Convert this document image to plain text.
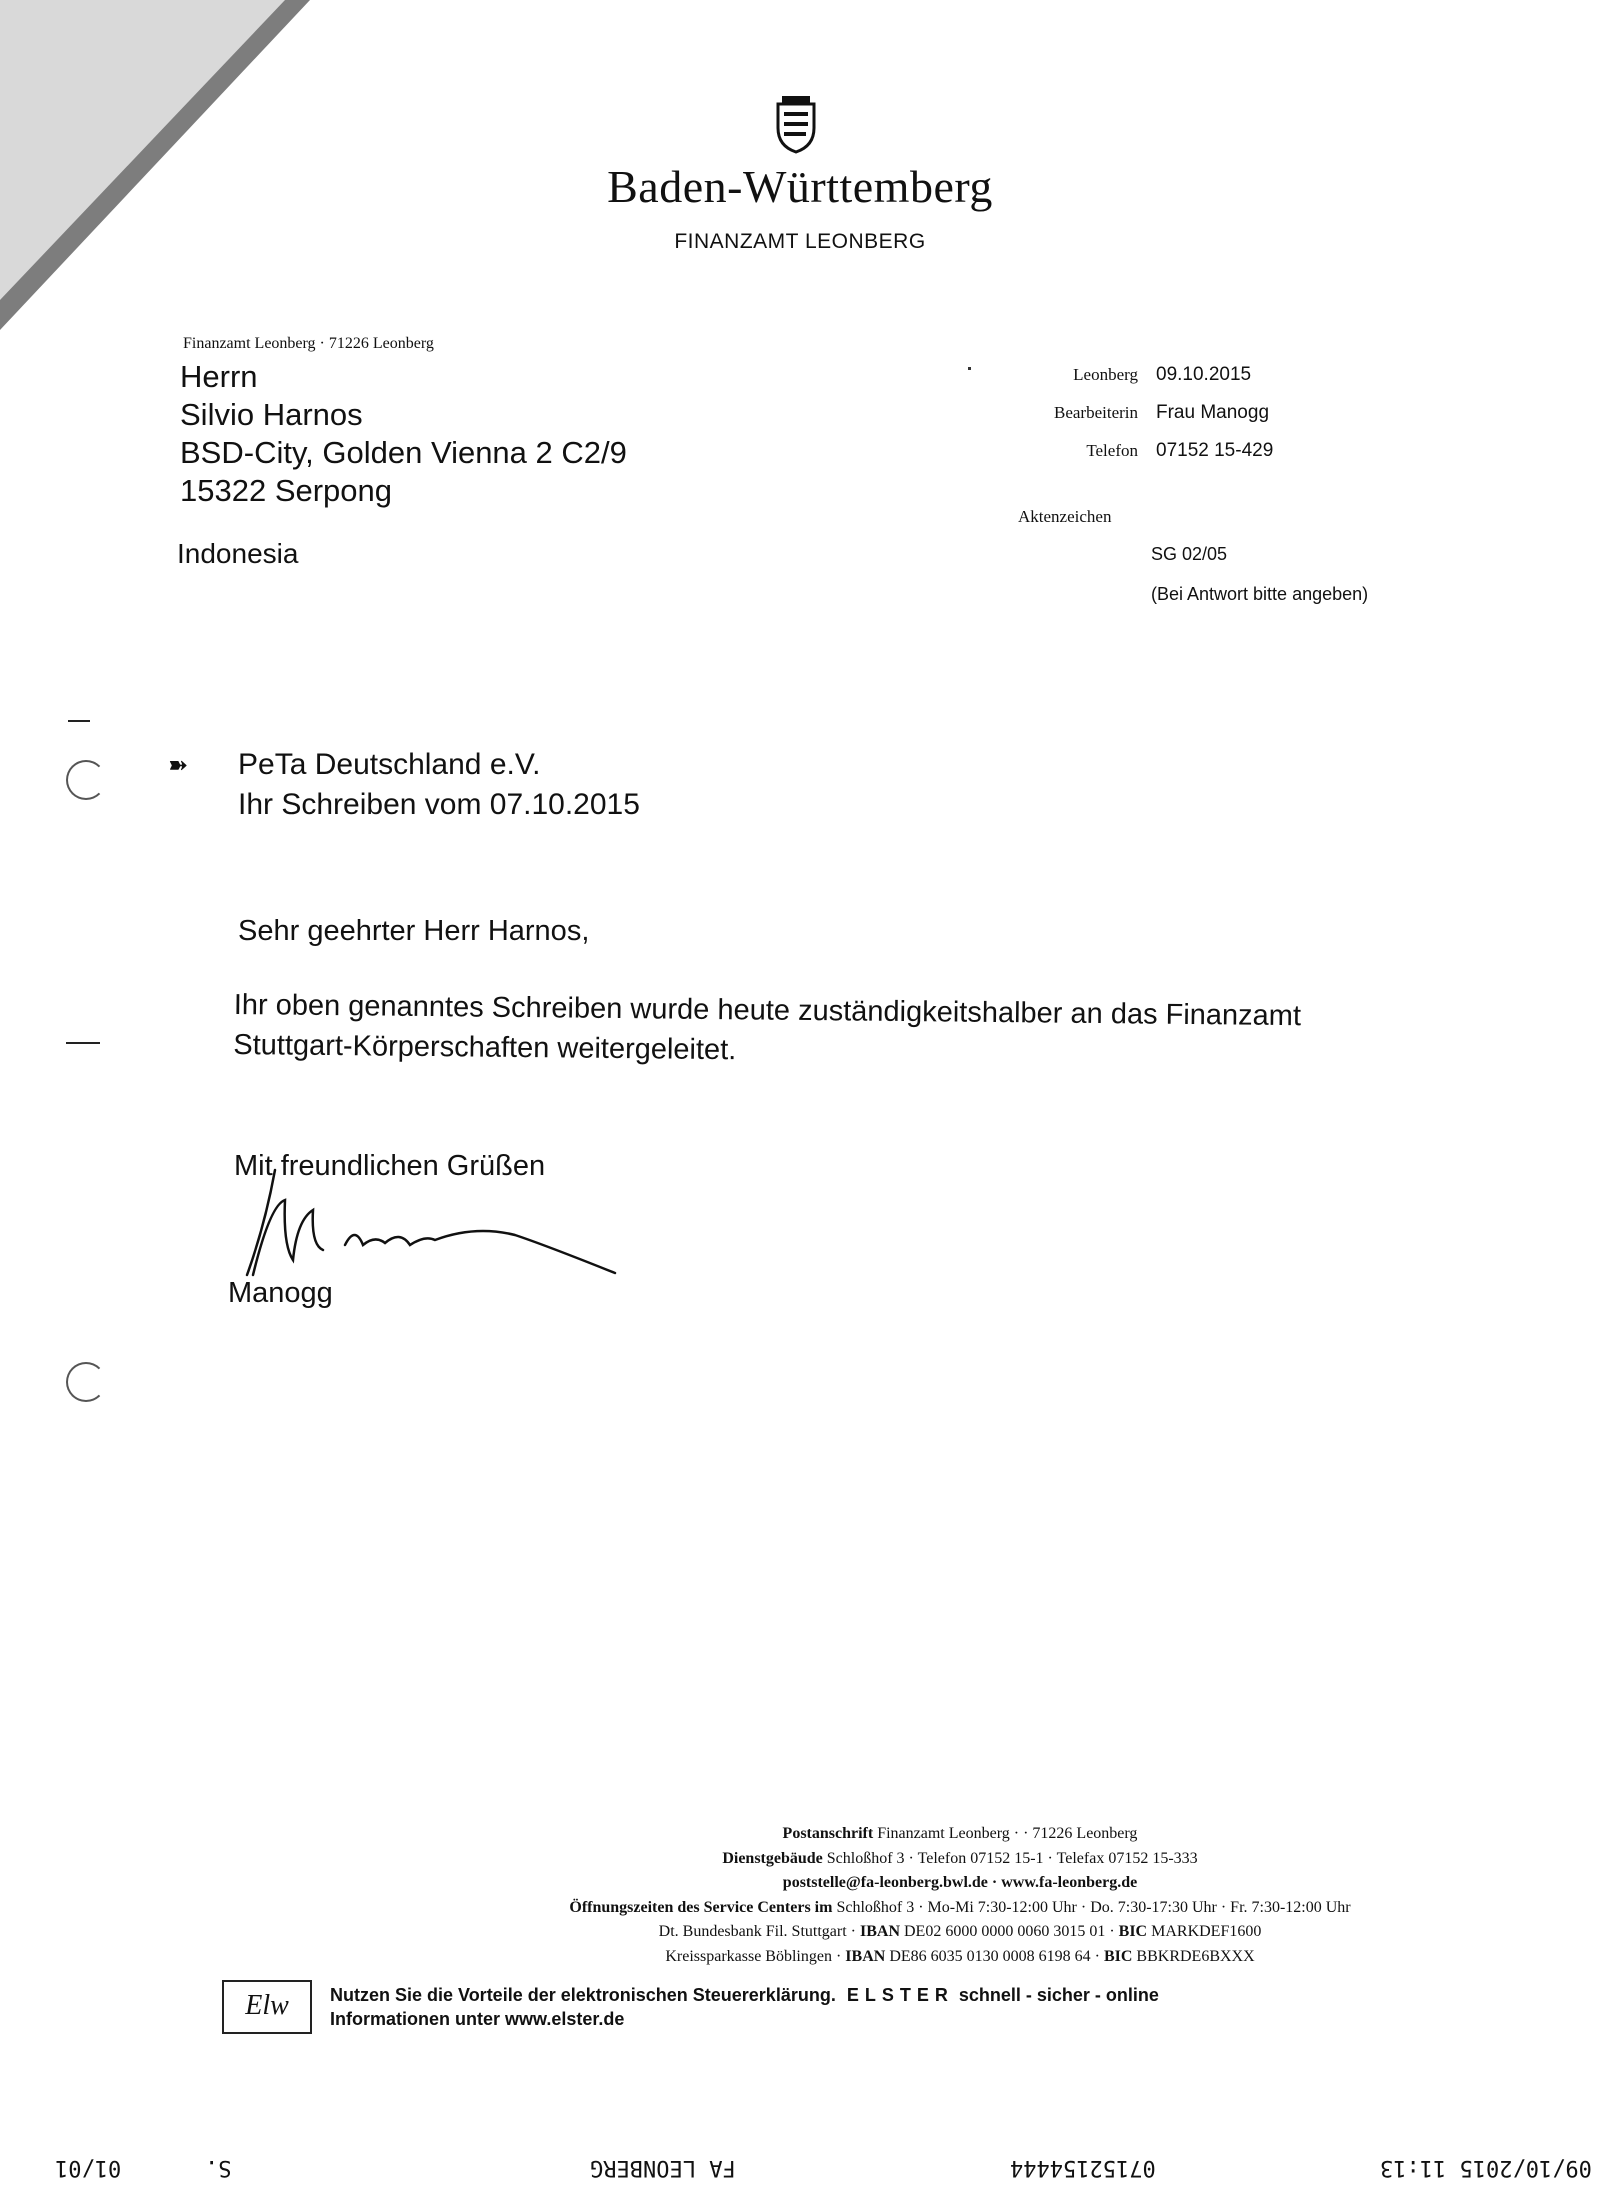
Baden-Württemberg
FINANZAMT LEONBERG
Finanzamt Leonberg · 71226 Leonberg
Herrn
Silvio Harnos
BSD-City, Golden Vienna 2 C2/9
15322 Serpong
Indonesia
Leonberg 09.10.2015
Bearbeiterin Frau Manogg
Telefon 07152 15-429
Aktenzeichen
SG 02/05
(Bei Antwort bitte angeben)
➽ PeTa Deutschland e.V.
Ihr Schreiben vom 07.10.2015
Sehr geehrter Herr Harnos,
Ihr oben genanntes Schreiben wurde heute zuständigkeitshalber an das Finanzamt
Stuttgart-Körperschaften weitergeleitet.
Mit freundlichen Grüßen
Manogg
Postanschrift Finanzamt Leonberg · · 71226 Leonberg
Dienstgebäude Schloßhof 3 · Telefon 07152 15-1 · Telefax 07152 15-333
poststelle@fa-leonberg.bwl.de · www.fa-leonberg.de
Öffnungszeiten des Service Centers im Schloßhof 3 · Mo-Mi 7:30-12:00 Uhr · Do. 7:30-17:30 Uhr · Fr. 7:30-12:00 Uhr
Dt. Bundesbank Fil. Stuttgart · IBAN DE02 6000 0000 0060 3015 01 · BIC MARKDEF1600
Kreissparkasse Böblingen · IBAN DE86 6035 0130 0008 6198 64 · BIC BBKRDE6BXXX
Elw	Nutzen Sie die Vorteile der elektronischen Steuererklärung. ELSTER schnell - sicher - online
Informationen unter www.elster.de
09/10/2015 11:13
07152154444
FA LEONBERG
S.
01/01
